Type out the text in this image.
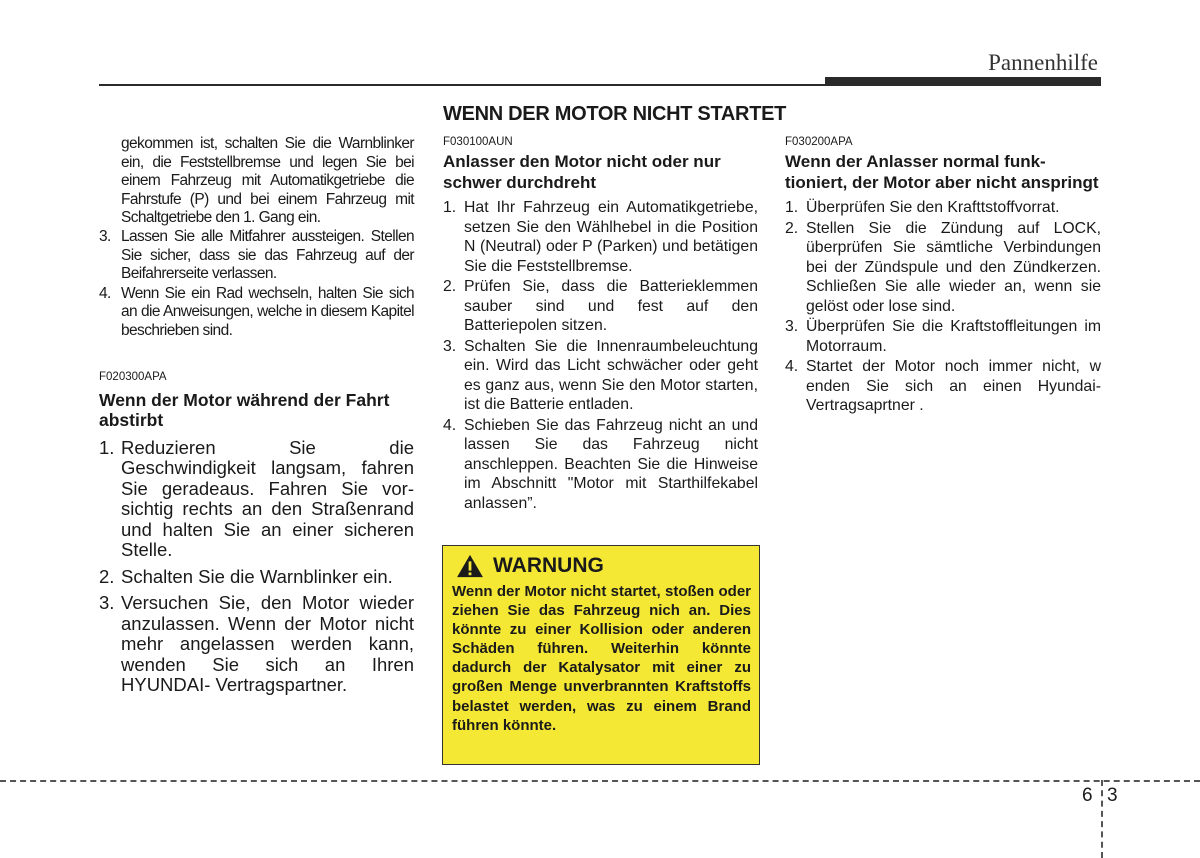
Pannenhilfe
WENN DER MOTOR NICHT STARTET
gekommen ist, schalten Sie die Warnblinker ein, die Feststellbremse und legen Sie bei einem Fahrzeug mit Automatikgetriebe die Fahrstufe (P) und bei einem Fahrzeug mit Schaltgetriebe den 1. Gang ein.
3. Lassen Sie alle Mitfahrer aussteigen. Stellen Sie sicher, dass sie das Fahrzeug auf der Beifahrerseite verlassen.
4. Wenn Sie ein Rad wechseln, halten Sie sich an die Anweisungen, welche in diesem Kapitel beschrieben sind.

F020300APA

Wenn der Motor während der Fahrt abstirbt
1. Reduzieren Sie die Geschwindigkeit langsam, fahren Sie geradeaus. Fahren Sie vor-sichtig rechts an den Straßenrand und halten Sie an einer sicheren Stelle.
2. Schalten Sie die Warnblinker ein.
3. Versuchen Sie, den Motor wieder anzulassen. Wenn der Motor nicht mehr angelassen werden kann, wenden Sie sich an Ihren HYUNDAI- Vertragspartner.

F030100AUN

Anlasser den Motor nicht oder nur schwer durchdreht
1. Hat Ihr Fahrzeug ein Automatikgetriebe, setzen Sie den Wählhebel in die Position N (Neutral) oder P (Parken) und betätigen Sie die Feststellbremse.
2. Prüfen Sie, dass die Batterieklemmen sauber sind und fest auf den Batteriepolen sitzen.
3. Schalten Sie die Innenraumbeleuchtung ein. Wird das Licht schwächer oder geht es ganz aus, wenn Sie den Motor starten, ist die Batterie entladen.
4. Schieben Sie das Fahrzeug nicht an und lassen Sie das Fahrzeug nicht anschleppen. Beachten Sie die Hinweise im Abschnitt "Motor mit Starthilfekabel anlassen”.
WARNUNG

Wenn der Motor nicht startet, stoßen oder ziehen Sie das Fahrzeug nich an. Dies könnte zu einer Kollision oder anderen Schäden führen. Weiterhin könnte dadurch der Katalysator mit einer zu großen Menge unverbrannten Kraftstoffs belastet werden, was zu einem Brand führen könnte.

F030200APA

Wenn der Anlasser normal funk-tioniert, der Motor aber nicht anspringt
1. Überprüfen Sie den Krafttstoffvorrat.
2. Stellen Sie die Zündung auf LOCK, überprüfen Sie sämtliche Verbindungen bei der Zündspule und den Zündkerzen. Schließen Sie alle wieder an, wenn sie gelöst oder lose sind.
3. Überprüfen Sie die Kraftstoffleitungen im Motorraum.
4. Startet der Motor noch immer nicht, w enden Sie sich an einen Hyundai-Vertragsaprtner .
6 3
